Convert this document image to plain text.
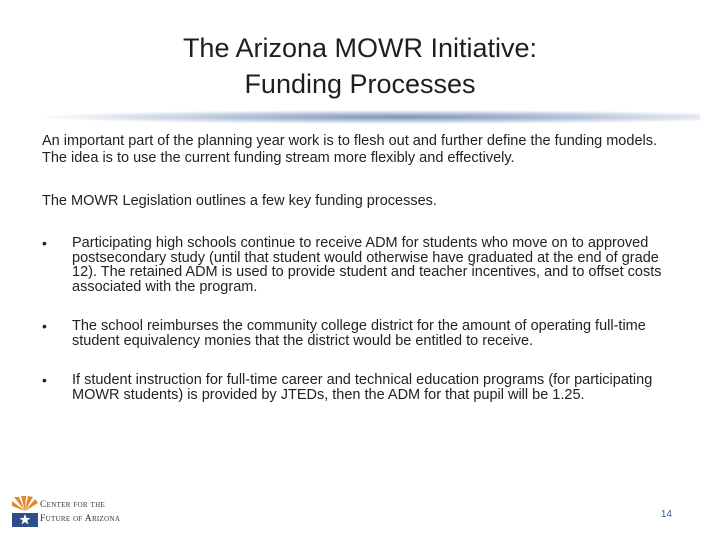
The Arizona MOWR Initiative:
Funding Processes

An important part of the planning year work is to flesh out and further define the funding models. The idea is to use the current funding stream more flexibly and effectively.

The MOWR Legislation outlines a few key funding processes.

• Participating high schools continue to receive ADM for students who move on to approved postsecondary study (until that student would otherwise have graduated at the end of grade 12). The retained ADM is used to provide student and teacher incentives, and to offset costs associated with the program.
• The school reimburses the community college district for the amount of operating full-time student equivalency monies that the district would be entitled to receive.
• If student instruction for full-time career and technical education programs (for participating MOWR students) is provided by JTEDs, then the ADM for that pupil will be 1.25.
Center for the
Future of Arizona	14
